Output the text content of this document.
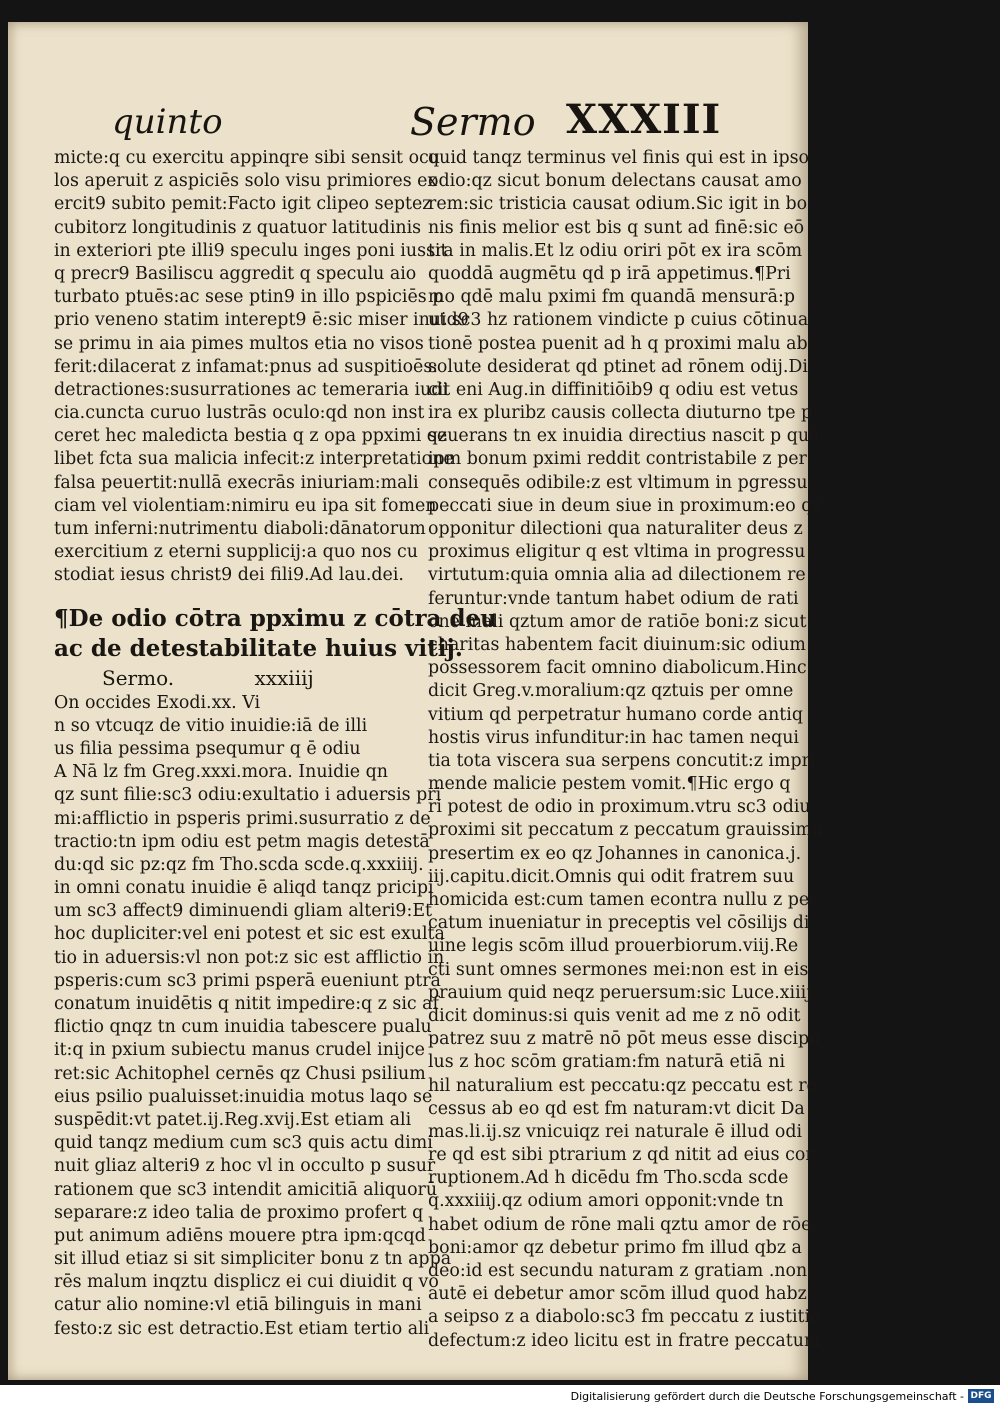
quinto	Sermo XXXIII
micte:q cu exercitu appinqre sibi sensit ocu
los aperuit z aspiciēs solo visu primiores ex
ercit9 subito pemit:Facto igit clipeo septez
cubitorz longitudinis z quatuor latitudinis
in exteriori pte illi9 speculu inges poni iussit
q precr9 Basiliscu aggredit q speculu aio
turbato ptuēs:ac sese ptin9 in illo pspiciēs p
prio veneno statim interept9 ē:sic miser inuid9
se primu in aia pimes multos etia no visos
ferit:dilacerat z infamat:pnus ad suspitioēs:
detractiones:susurrationes ac temeraria iudi
cia.cuncta curuo lustrās oculo:qd non inst
ceret hec maledicta bestia q z opa ppximi qz
libet fcta sua malicia infecit:z interpretatione
falsa peuertit:nullā execrās iniuriam:mali
ciam vel violentiam:nimiru eu ipa sit fomen
tum inferni:nutrimentu diaboli:dānatorum
exercitium z eterni supplicij:a quo nos cu
stodiat iesus christ9 dei fili9.Ad lau.dei.
¶De odio cōtra ppximu z cōtra deu
ac de detestabilitate huius vitij.
Sermo.	xxxiiij
On occides Exodi.xx. Vi
n so vtcuqz de vitio inuidie:iā de illi
us filia pessima psequmur q ē odiu
A Nā lz fm Greg.xxxi.mora. Inuidie qn
qz sunt filie:sc3 odiu:exultatio i aduersis pri
mi:afflictio in psperis primi.susurratio z de
tractio:tn ipm odiu est petm magis detestā
du:qd sic pz:qz fm Tho.scda scde.q.xxxiiij.
in omni conatu inuidie ē aliqd tanqz pricipi
um sc3 affect9 diminuendi gliam alteri9:Et
hoc dupliciter:vel eni potest et sic est exulta
tio in aduersis:vl non pot:z sic est afflictio in
psperis:cum sc3 primi psperā eueniunt ptra
conatum inuidētis q nitit impedire:q z sic af
flictio qnqz tn cum inuidia tabescere pualu
it:q in pxium subiectu manus crudel inijce
ret:sic Achitophel cernēs qz Chusi psilium
eius psilio pualuisset:inuidia motus laqo se
suspēdit:vt patet.ij.Reg.xvij.Est etiam ali
quid tanqz medium cum sc3 quis actu dimi
nuit gliaz alteri9 z hoc vl in occulto p susur
rationem que sc3 intendit amicitiā aliquorū
separare:z ideo talia de proximo profert q
put animum adiēns mouere ptra ipm:qcqd
sit illud etiaz si sit simpliciter bonu z tn appa
rēs malum inqztu displicz ei cui diuidit q vo
catur alio nomine:vl etiā bilinguis in mani
festo:z sic est detractio.Est etiam tertio ali
quid tanqz terminus vel finis qui est in ipso
odio:qz sicut bonum delectans causat amo
rem:sic tristicia causat odium.Sic igit in bo
nis finis melior est bis q sunt ad finē:sic eō
tra in malis.Et lz odiu oriri pōt ex ira scōm
quoddā augmētu qd p irā appetimus.¶Pri
mo qdē malu pximi fm quandā mensurā:p
ut sc3 hz rationem vindicte p cuius cōtinua
tionē postea puenit ad h q proximi malu ab
solute desiderat qd ptinet ad rōnem odij.Di
cit eni Aug.in diffinitiōib9 q odiu est vetus
ira ex pluribz causis collecta diuturno tpe p
seuerans tn ex inuidia directius nascit p quā
ipm bonum pximi reddit contristabile z per
consequēs odibile:z est vltimum in pgressu
peccati siue in deum siue in proximum:eo qz
opponitur dilectioni qua naturaliter deus z
proximus eligitur q est vltima in progressu
virtutum:quia omnia alia ad dilectionem re
feruntur:vnde tantum habet odium de rati
one mali qztum amor de ratiōe boni:z sicut
charitas habentem facit diuinum:sic odium
possessorem facit omnino diabolicum.Hinc
dicit Greg.v.moralium:qz qztuis per omne
vitium qd perpetratur humano corde antiq
hostis virus infunditur:in hac tamen nequi
tia tota viscera sua serpens concutit:z impri
mende malicie pestem vomit.¶Hic ergo q
ri potest de odio in proximum.vtru sc3 odiu
proximi sit peccatum z peccatum grauissimu
presertim ex eo qz Johannes in canonica.j.
iij.capitu.dicit.Omnis qui odit fratrem suu
homicida est:cum tamen econtra nullu z pec
catum inueniatur in preceptis vel cōsilijs di
uine legis scōm illud prouerbiorum.viij.Re
cti sunt omnes sermones mei:non est in eis
prauium quid neqz peruersum:sic Luce.xiiij.
dicit dominus:si quis venit ad me z nō odit
patrez suu z matrē nō pōt meus esse discipu
lus z hoc scōm gratiam:fm naturā etiā ni
hil naturalium est peccatu:qz peccatu est re
cessus ab eo qd est fm naturam:vt dicit Da
mas.li.ij.sz vnicuiqz rei naturale ē illud odi
re qd est sibi ptrarium z qd nitit ad eius cor
ruptionem.Ad h dicēdu fm Tho.scda scde
q.xxxiiij.qz odium amori opponit:vnde tn
habet odium de rōne mali qztu amor de rōe
boni:amor qz debetur primo fm illud qbz a
deo:id est secundu naturam z gratiam .non
autē ei debetur amor scōm illud quod habz
a seipso z a diabolo:sc3 fm peccatu z iustitie
defectum:z ideo licitu est in fratre peccatum
Digitalisierung gefördert durch die Deutsche Forschungsgemeinschaft - DFG
